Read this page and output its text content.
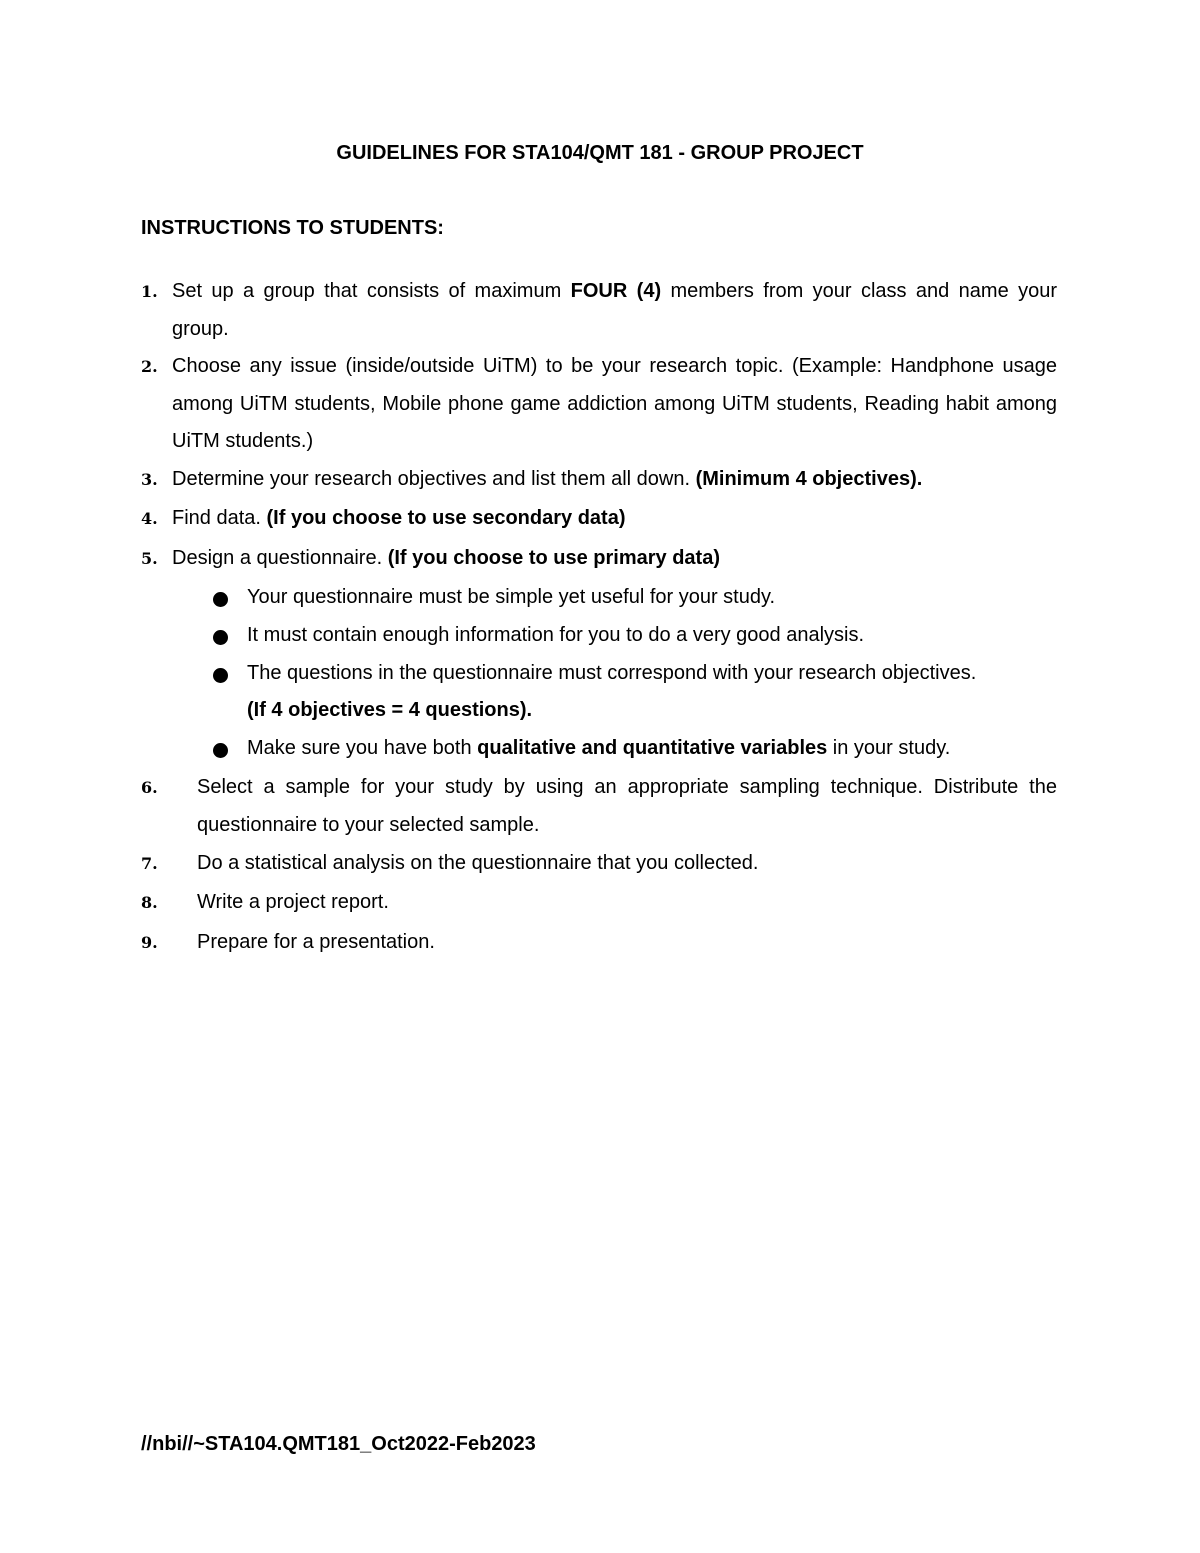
GUIDELINES FOR STA104/QMT 181 - GROUP PROJECT
INSTRUCTIONS TO STUDENTS:
1. Set up a group that consists of maximum FOUR (4) members from your class and name your group.
2. Choose any issue (inside/outside UiTM) to be your research topic. (Example: Handphone usage among UiTM students, Mobile phone game addiction among UiTM students, Reading habit among UiTM students.)
3. Determine your research objectives and list them all down. (Minimum 4 objectives).
4. Find data. (If you choose to use secondary data)
5. Design a questionnaire. (If you choose to use primary data)
Your questionnaire must be simple yet useful for your study.
It must contain enough information for you to do a very good analysis.
The questions in the questionnaire must correspond with your research objectives.
(If 4 objectives = 4 questions).
Make sure you have both qualitative and quantitative variables in your study.
6. Select a sample for your study by using an appropriate sampling technique. Distribute the questionnaire to your selected sample.
7. Do a statistical analysis on the questionnaire that you collected.
8. Write a project report.
9. Prepare for a presentation.
//nbi//~STA104.QMT181_Oct2022-Feb2023
